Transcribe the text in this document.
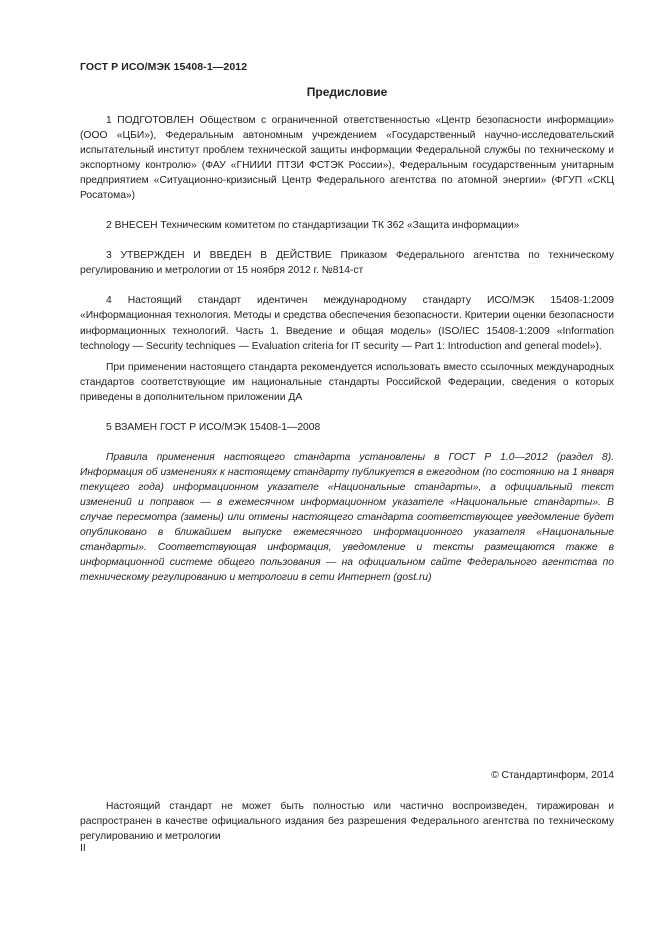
ГОСТ Р ИСО/МЭК 15408-1—2012
Предисловие

1 ПОДГОТОВЛЕН Обществом с ограниченной ответственностью «Центр безопасности информации» (ООО «ЦБИ»), Федеральным автономным учреждением «Государственный научно-исследовательский испытательный институт проблем технической защиты информации Федеральной службы по техническому и экспортному контролю» (ФАУ «ГНИИИ ПТЗИ ФСТЭК России»), Федеральным государственным унитарным предприятием «Ситуационно-кризисный Центр Федерального агентства по атомной энергии» (ФГУП «СКЦ Росатома»)

2 ВНЕСЕН Техническим комитетом по стандартизации ТК 362 «Защита информации»

3 УТВЕРЖДЕН И ВВЕДЕН В ДЕЙСТВИЕ Приказом Федерального агентства по техническому регулированию и метрологии от 15 ноября 2012 г. №814-ст

4 Настоящий стандарт идентичен международному стандарту ИСО/МЭК 15408-1:2009 «Информационная технология. Методы и средства обеспечения безопасности. Критерии оценки безопасности информационных технологий. Часть 1. Введение и общая модель» (ISO/IEC 15408-1:2009 «Information technology — Security techniques — Evaluation criteria for IT security — Part 1: Introduction and general model»).

При применении настоящего стандарта рекомендуется использовать вместо ссылочных международных стандартов соответствующие им национальные стандарты Российской Федерации, сведения о которых приведены в дополнительном приложении ДА

5 ВЗАМЕН ГОСТ Р ИСО/МЭК 15408-1—2008

Правила применения настоящего стандарта установлены в ГОСТ Р 1.0—2012 (раздел 8). Информация об изменениях к настоящему стандарту публикуется в ежегодном (по состоянию на 1 января текущего года) информационном указателе «Национальные стандарты», а официальный текст изменений и поправок — в ежемесячном информационном указателе «Национальные стандарты». В случае пересмотра (замены) или отмены настоящего стандарта соответствующее уведомление будет опубликовано в ближайшем выпуске ежемесячного информационного указателя «Национальные стандарты». Соответствующая информация, уведомление и тексты размещаются также в информационной системе общего пользования — на официальном сайте Федерального агентства по техническому регулированию и метрологии в сети Интернет (gost.ru)

© Стандартинформ, 2014

Настоящий стандарт не может быть полностью или частично воспроизведен, тиражирован и распространен в качестве официального издания без разрешения Федерального агентства по техническому регулированию и метрологии

II
